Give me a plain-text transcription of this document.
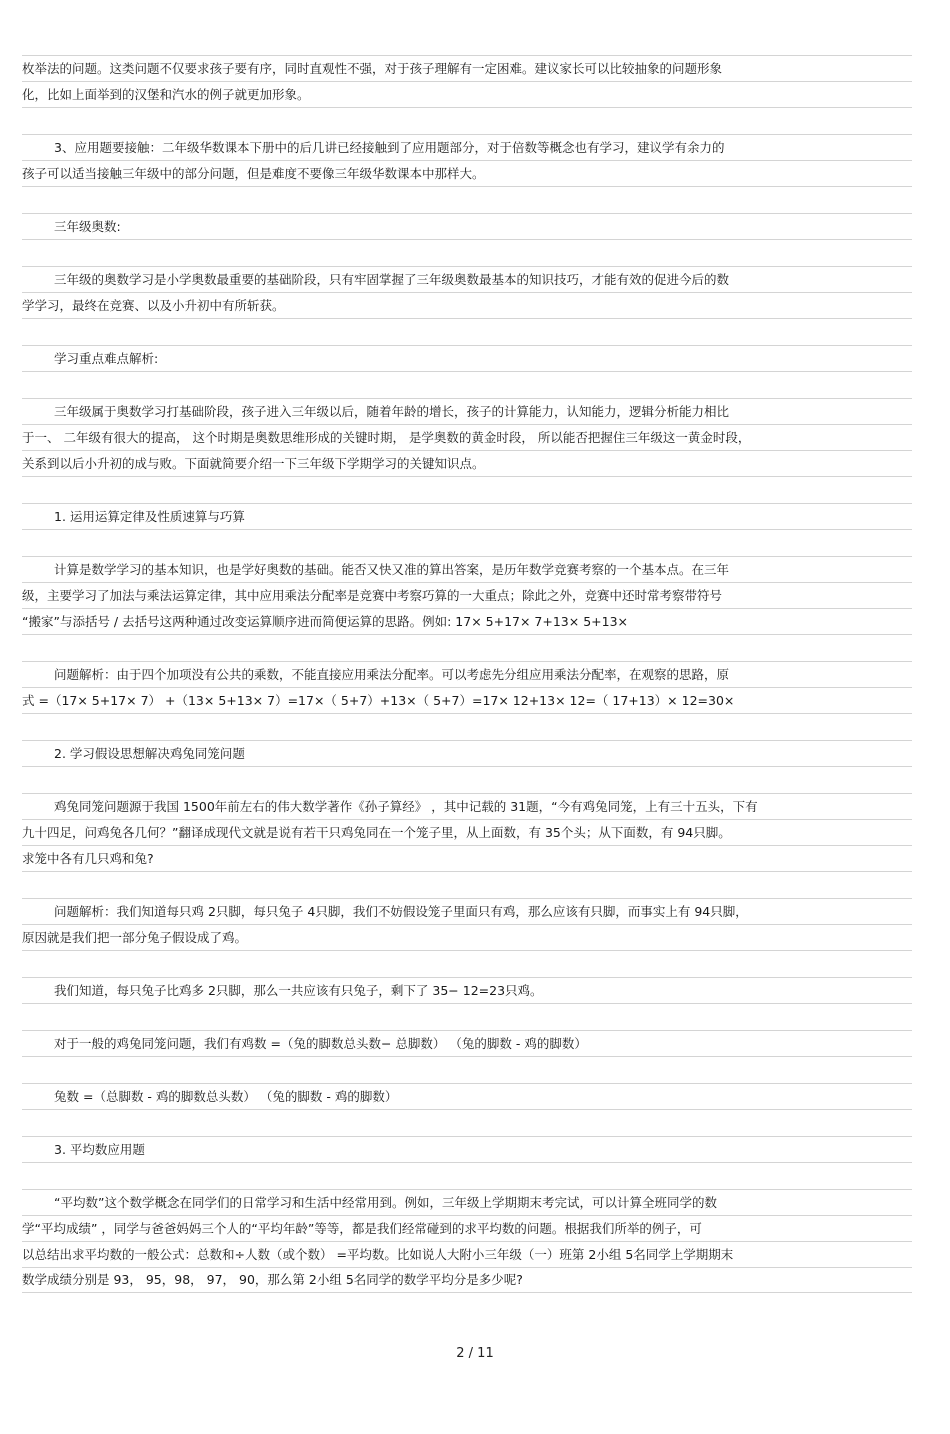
枚举法的问题。这类问题不仅要求孩子要有序，同时直观性不强，对于孩子理解有一定困难。建议家长可以比较抽象的问题形象
化，比如上面举到的汉堡和汽水的例子就更加形象。
3、应用题要接触：二年级华数课本下册中的后几讲已经接触到了应用题部分，对于倍数等概念也有学习，建议学有余力的
孩子可以适当接触三年级中的部分问题，但是难度不要像三年级华数课本中那样大。
三年级奥数:
三年级的奥数学习是小学奥数最重要的基础阶段，只有牢固掌握了三年级奥数最基本的知识技巧，才能有效的促进今后的数
学学习，最终在竞赛、以及小升初中有所斩获。
学习重点难点解析:
三年级属于奥数学习打基础阶段，孩子进入三年级以后，随着年龄的增长，孩子的计算能力，认知能力，逻辑分析能力相比
于一、 二年级有很大的提高， 这个时期是奥数思维形成的关键时期， 是学奥数的黄金时段， 所以能否把握住三年级这一黄金时段，
关系到以后小升初的成与败。下面就简要介绍一下三年级下学期学习的关键知识点。
1. 运用运算定律及性质速算与巧算
计算是数学学习的基本知识，也是学好奥数的基础。能否又快又准的算出答案，是历年数学竞赛考察的一个基本点。在三年
级，主要学习了加法与乘法运算定律，其中应用乘法分配率是竞赛中考察巧算的一大重点；除此之外，竞赛中还时常考察带符号
“搬家”与添括号 / 去括号这两种通过改变运算顺序进而简便运算的思路。例如: 17× 5+17× 7+13× 5+13×
问题解析：由于四个加项没有公共的乘数，不能直接应用乘法分配率。可以考虑先分组应用乘法分配率，在观察的思路，原
式 =（17× 5+17× 7） +（13× 5+13× 7）=17×（ 5+7）+13×（ 5+7）=17× 12+13× 12=（ 17+13）× 12=30×
2. 学习假设思想解决鸡兔同笼问题
鸡兔同笼问题源于我国 1500年前左右的伟大数学著作《孙子算经》 ，其中记载的 31题，“今有鸡兔同笼，上有三十五头，下有
九十四足，问鸡兔各几何？”翻译成现代文就是说有若干只鸡兔同在一个笼子里，从上面数，有 35个头；从下面数，有 94只脚。
求笼中各有几只鸡和兔?
问题解析：我们知道每只鸡 2只脚，每只兔子 4只脚，我们不妨假设笼子里面只有鸡，那么应该有只脚，而事实上有 94只脚，
原因就是我们把一部分兔子假设成了鸡。
我们知道，每只兔子比鸡多 2只脚，那么一共应该有只兔子，剩下了 35− 12=23只鸡。
对于一般的鸡兔同笼问题，我们有鸡数 =（兔的脚数总头数− 总脚数） （兔的脚数 - 鸡的脚数）
兔数 =（总脚数 - 鸡的脚数总头数） （兔的脚数 - 鸡的脚数）
3. 平均数应用题
“平均数”这个数学概念在同学们的日常学习和生活中经常用到。例如，三年级上学期期末考完试，可以计算全班同学的数
学“平均成绩” ，同学与爸爸妈妈三个人的“平均年龄”等等，都是我们经常碰到的求平均数的问题。根据我们所举的例子，可
以总结出求平均数的一般公式：总数和÷人数（或个数） =平均数。比如说人大附小三年级（一）班第 2小组 5名同学上学期期末
数学成绩分别是 93， 95，98， 97， 90，那么第 2小组 5名同学的数学平均分是多少呢?
2 / 11
